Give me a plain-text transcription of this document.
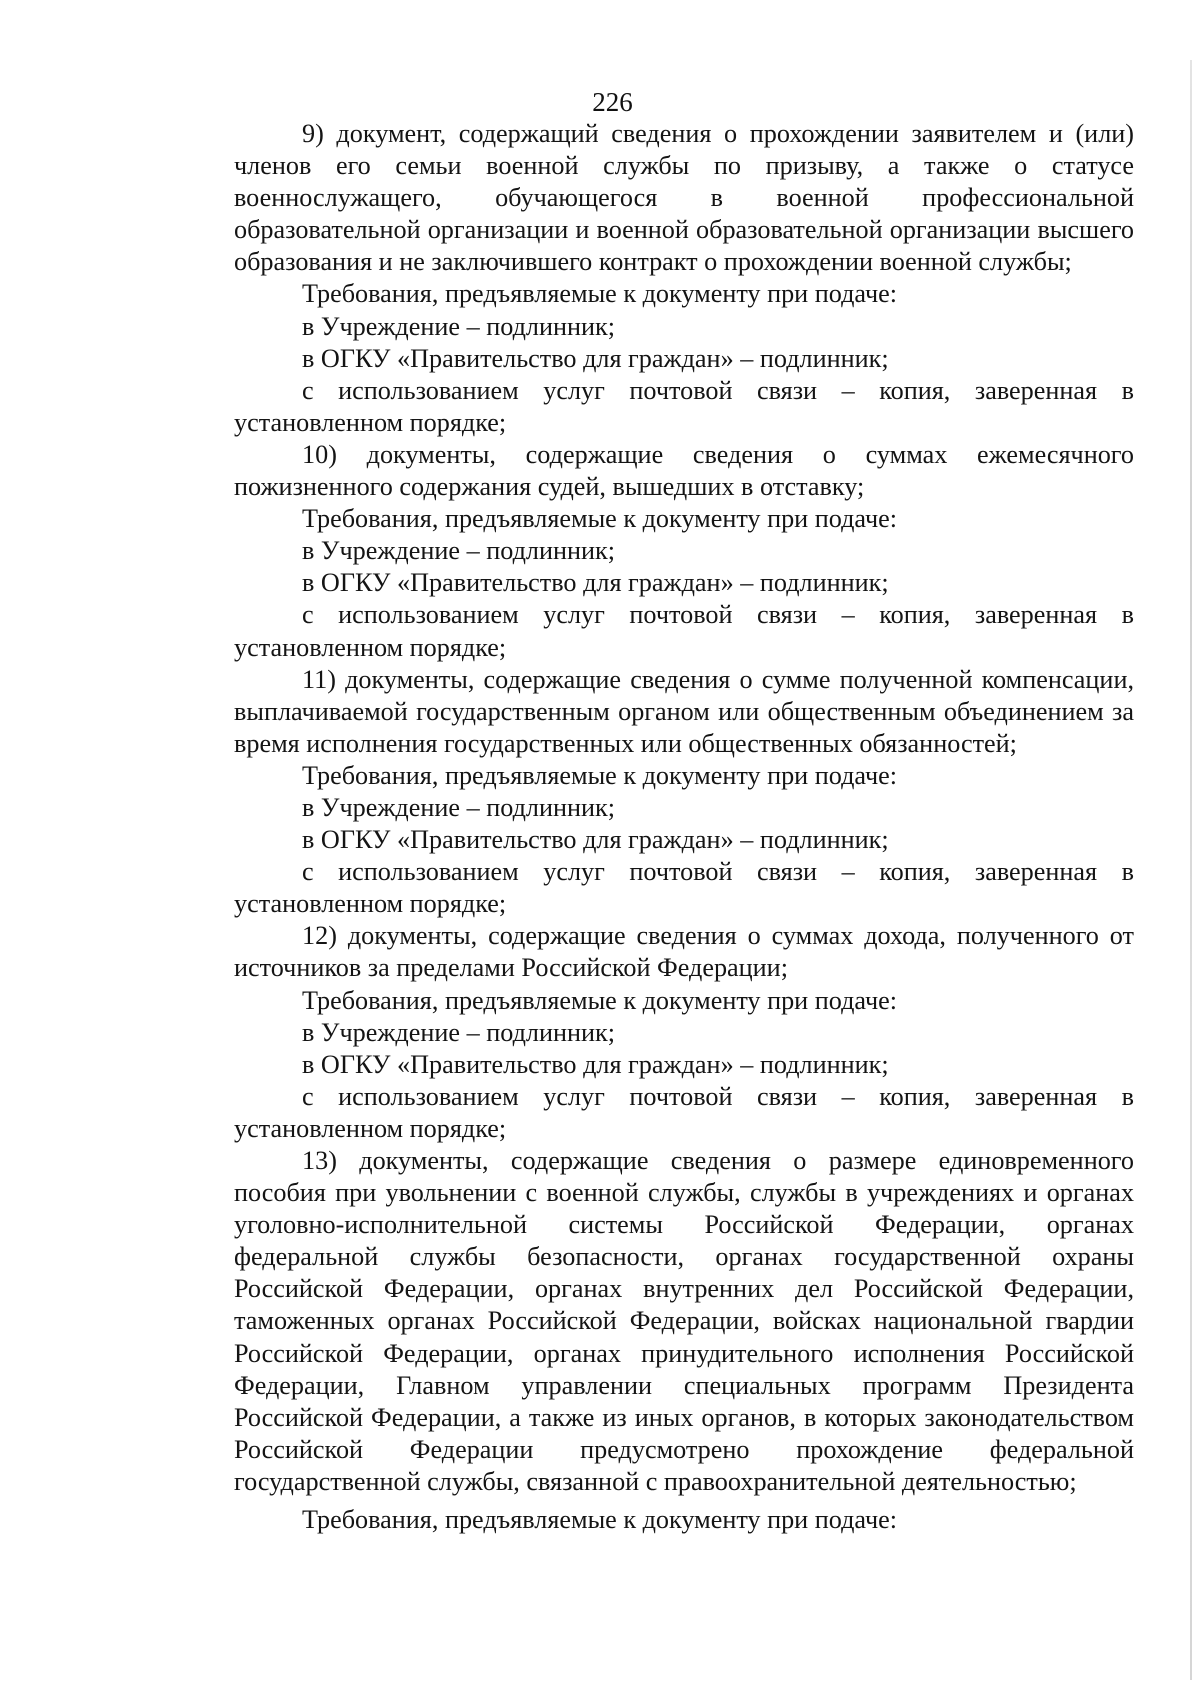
226

9) документ, содержащий сведения о прохождении заявителем и (или) членов его семьи военной службы по призыву, а также о статусе военнослужащего, обучающегося в военной профессиональной образовательной организации и военной образовательной организации высшего образования и не заключившего контракт о прохождении военной службы;

Требования, предъявляемые к документу при подаче:

в Учреждение – подлинник;

в ОГКУ «Правительство для граждан» – подлинник;

с использованием услуг почтовой связи – копия, заверенная в установленном порядке;

10) документы, содержащие сведения о суммах ежемесячного пожизненного содержания судей, вышедших в отставку;

Требования, предъявляемые к документу при подаче:

в Учреждение – подлинник;

в ОГКУ «Правительство для граждан» – подлинник;

с использованием услуг почтовой связи – копия, заверенная в установленном порядке;

11) документы, содержащие сведения о сумме полученной компенсации, выплачиваемой государственным органом или общественным объединением за время исполнения государственных или общественных обязанностей;

Требования, предъявляемые к документу при подаче:

в Учреждение – подлинник;

в ОГКУ «Правительство для граждан» – подлинник;

с использованием услуг почтовой связи – копия, заверенная в установленном порядке;

12) документы, содержащие сведения о суммах дохода, полученного от источников за пределами Российской Федерации;

Требования, предъявляемые к документу при подаче:

в Учреждение – подлинник;

в ОГКУ «Правительство для граждан» – подлинник;

с использованием услуг почтовой связи – копия, заверенная в установленном порядке;

13) документы, содержащие сведения о размере единовременного пособия при увольнении с военной службы, службы в учреждениях и органах уголовно-исполнительной системы Российской Федерации, органах федеральной службы безопасности, органах государственной охраны Российской Федерации, органах внутренних дел Российской Федерации, таможенных органах Российской Федерации, войсках национальной гвардии Российской Федерации, органах принудительного исполнения Российской Федерации, Главном управлении специальных программ Президента Российской Федерации, а также из иных органов, в которых законодательством Российской Федерации предусмотрено прохождение федеральной государственной службы, связанной с правоохранительной деятельностью;

Требования, предъявляемые к документу при подаче:
